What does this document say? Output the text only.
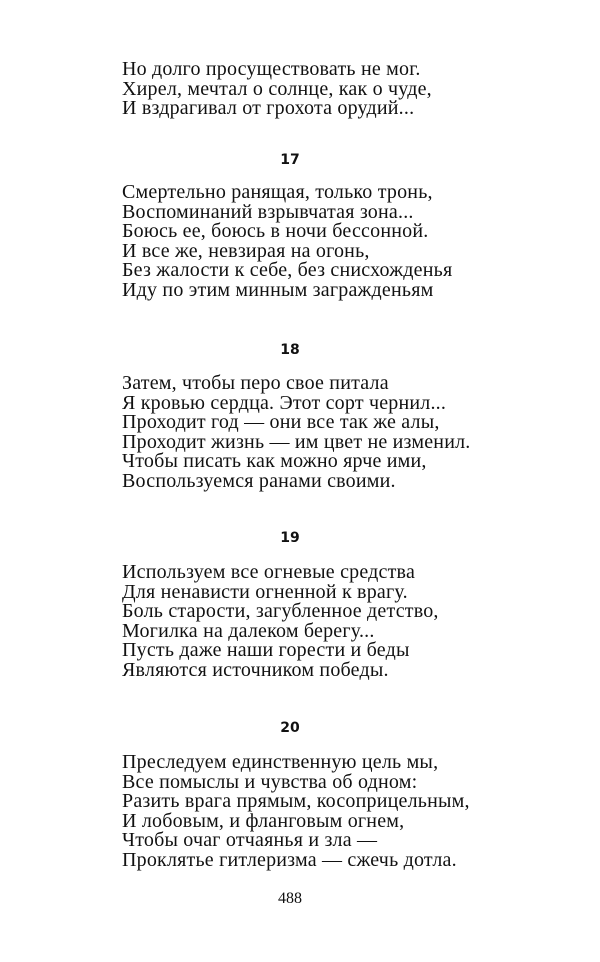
Но долго просуществовать не мог.
Хирел, мечтал о солнце, как о чуде,
И вздрагивал от грохота орудий...
17
Смертельно ранящая, только тронь,
Воспоминаний взрывчатая зона...
Боюсь ее, боюсь в ночи бессонной.
И все же, невзирая на огонь,
Без жалости к себе, без снисхожденья
Иду по этим минным загражденьям
18
Затем, чтобы перо свое питала
Я кровью сердца. Этот сорт чернил...
Проходит год — они все так же алы,
Проходит жизнь — им цвет не изменил.
Чтобы писать как можно ярче ими,
Воспользуемся ранами своими.
19
Используем все огневые средства
Для ненависти огненной к врагу.
Боль старости, загубленное детство,
Могилка на далеком берегу...
Пусть даже наши горести и беды
Являются источником победы.
20
Преследуем единственную цель мы,
Все помыслы и чувства об одном:
Разить врага прямым, косоприцельным,
И лобовым, и фланговым огнем,
Чтобы очаг отчаянья и зла —
Проклятье гитлеризма — сжечь дотла.
488
